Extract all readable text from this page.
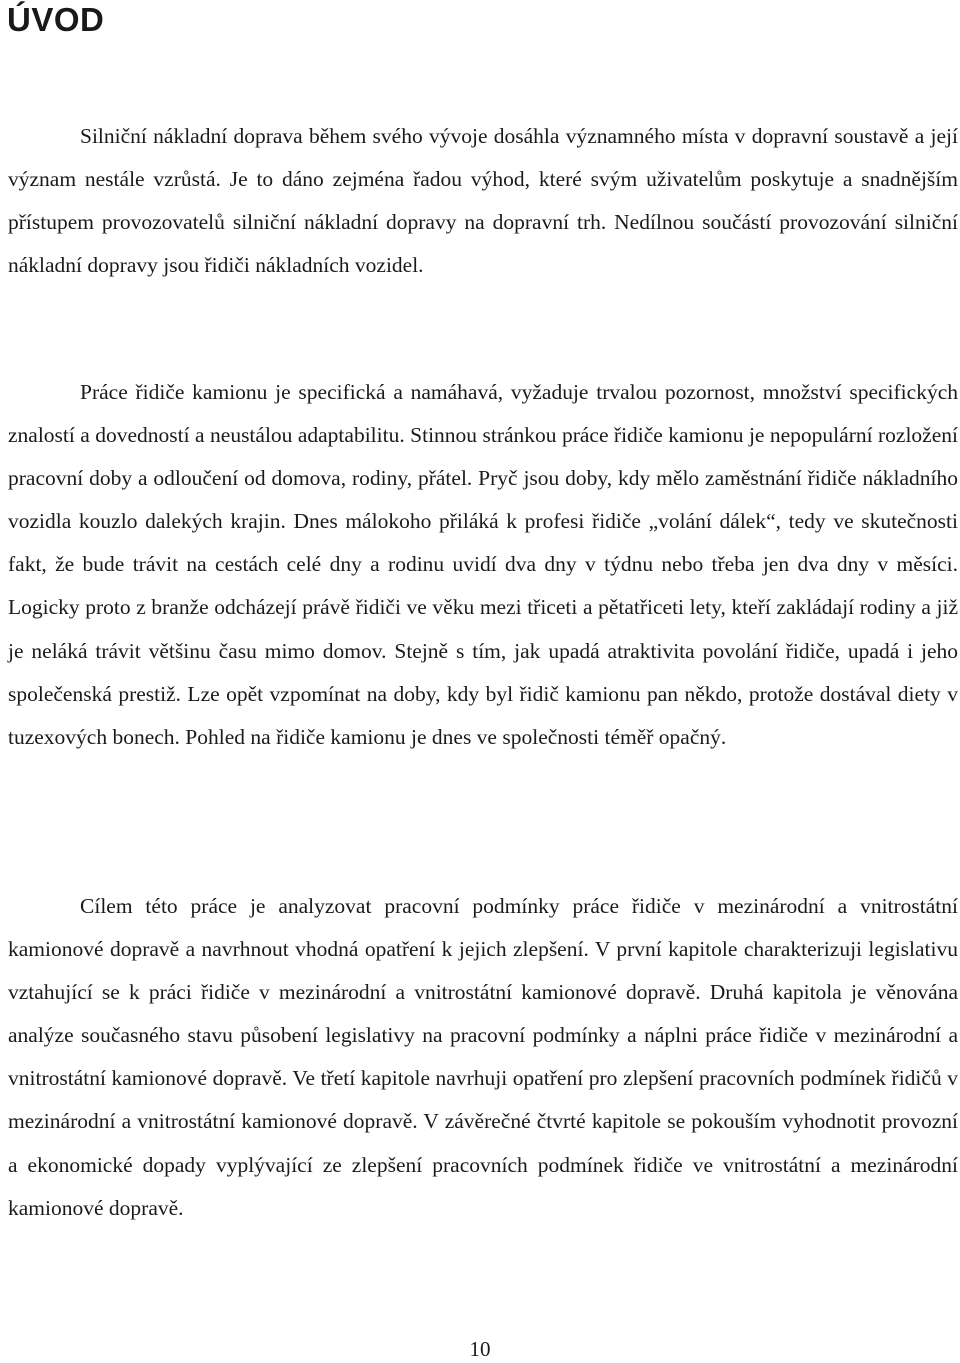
ÚVOD

Silniční nákladní doprava během svého vývoje dosáhla významného místa v dopravní soustavě a její význam nestále vzrůstá. Je to dáno zejména řadou výhod, které svým uživatelům poskytuje a snadnějším přístupem provozovatelů silniční nákladní dopravy na dopravní trh. Nedílnou součástí provozování silniční nákladní dopravy jsou řidiči nákladních vozidel.

Práce řidiče kamionu je specifická a namáhavá, vyžaduje trvalou pozornost, množství specifických znalostí a dovedností a neustálou adaptabilitu. Stinnou stránkou práce řidiče kamionu je nepopulární rozložení pracovní doby a odloučení od domova, rodiny, přátel. Pryč jsou doby, kdy mělo zaměstnání řidiče nákladního vozidla kouzlo dalekých krajin. Dnes málokoho přiláká k profesi řidiče „volání dálek“, tedy ve skutečnosti fakt, že bude trávit na cestách celé dny a rodinu uvidí dva dny v týdnu nebo třeba jen dva dny v měsíci. Logicky proto z branže odcházejí právě řidiči ve věku mezi třiceti a pětatřiceti lety, kteří zakládají rodiny a již je neláká trávit většinu času mimo domov. Stejně s tím, jak upadá atraktivita povolání řidiče, upadá i jeho společenská prestiž. Lze opět vzpomínat na doby, kdy byl řidič kamionu pan někdo, protože dostával diety v tuzexových bonech. Pohled na řidiče kamionu je dnes ve společnosti téměř opačný.

Cílem této práce je analyzovat pracovní podmínky práce řidiče v mezinárodní a vnitrostátní kamionové dopravě a navrhnout vhodná opatření k jejich zlepšení. V první kapitole charakterizuji legislativu vztahující se k práci řidiče v mezinárodní a vnitrostátní kamionové dopravě. Druhá kapitola je věnována analýze současného stavu působení legislativy na pracovní podmínky a náplni práce řidiče v mezinárodní a vnitrostátní kamionové dopravě. Ve třetí kapitole navrhuji opatření pro zlepšení pracovních podmínek řidičů v mezinárodní a vnitrostátní kamionové dopravě. V závěrečné čtvrté kapitole se pokouším vyhodnotit provozní a ekonomické dopady vyplývající ze zlepšení pracovních podmínek řidiče ve vnitrostátní a mezinárodní kamionové dopravě.

10
